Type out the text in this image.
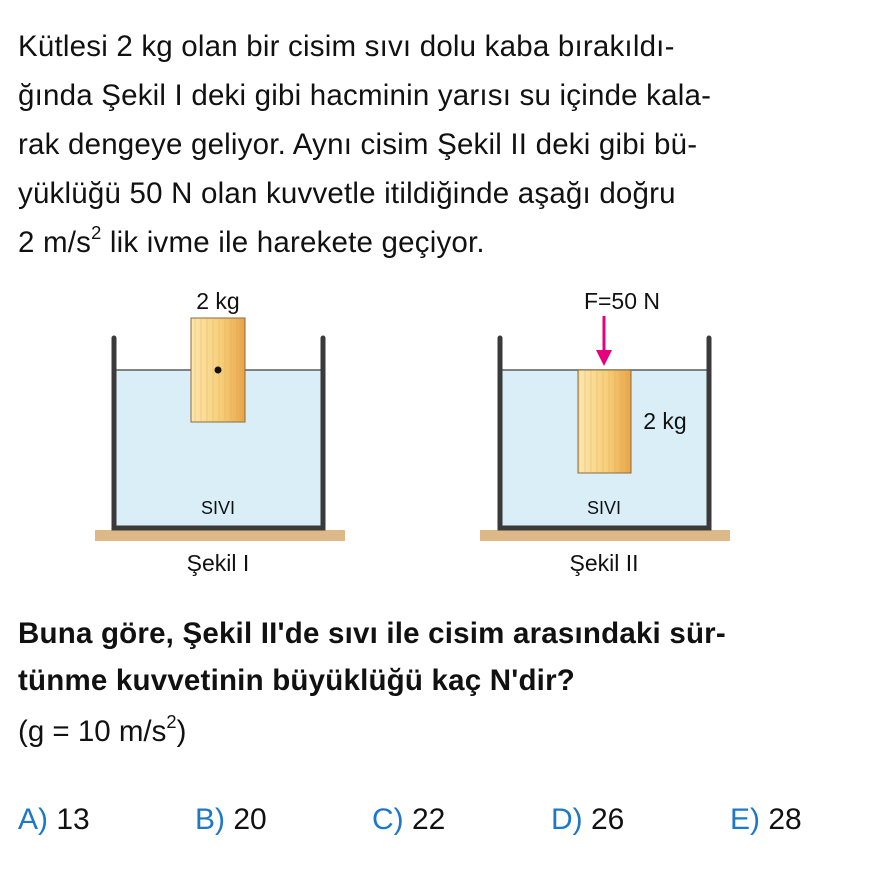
Kütlesi 2 kg olan bir cisim sıvı dolu kaba bırakıldı-
ğında Şekil I deki gibi hacminin yarısı su içinde kala-
rak dengeye geliyor. Aynı cisim Şekil II deki gibi bü-
yüklüğü 50 N olan kuvvetle itildiğinde aşağı doğru
2 $m/s^2$ lik ivme ile harekete geçiyor.
2 kg
SIVI
Şekil I
F=50 N
2 kg
SIVI
Şekil II
Buna göre, Şekil II'de sıvı ile cisim arasındaki sür-
tünme kuvvetinin büyüklüğü kaç N'dir?
(g = 10 $m/s^2$)
A) 13	B) 20	C) 22	D) 26	E) 28
